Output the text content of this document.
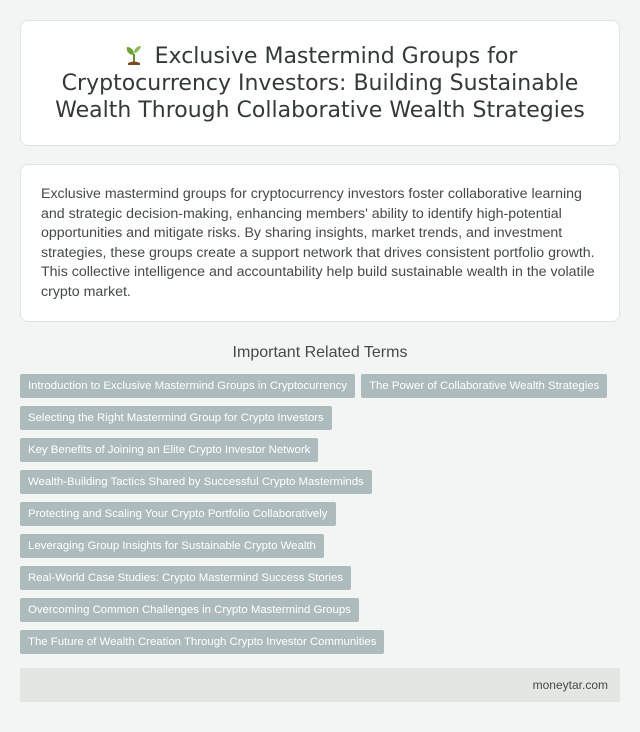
Exclusive Mastermind Groups for Cryptocurrency Investors: Building Sustainable Wealth Through Collaborative Wealth Strategies

Exclusive mastermind groups for cryptocurrency investors foster collaborative learning and strategic decision-making, enhancing members' ability to identify high-potential opportunities and mitigate risks. By sharing insights, market trends, and investment strategies, these groups create a support network that drives consistent portfolio growth. This collective intelligence and accountability help build sustainable wealth in the volatile crypto market.

Important Related Terms
Introduction to Exclusive Mastermind Groups in Cryptocurrency	The Power of Collaborative Wealth Strategies
Selecting the Right Mastermind Group for Crypto Investors
Key Benefits of Joining an Elite Crypto Investor Network
Wealth-Building Tactics Shared by Successful Crypto Masterminds
Protecting and Scaling Your Crypto Portfolio Collaboratively
Leveraging Group Insights for Sustainable Crypto Wealth
Real-World Case Studies: Crypto Mastermind Success Stories
Overcoming Common Challenges in Crypto Mastermind Groups
The Future of Wealth Creation Through Crypto Investor Communities
moneytar.com
